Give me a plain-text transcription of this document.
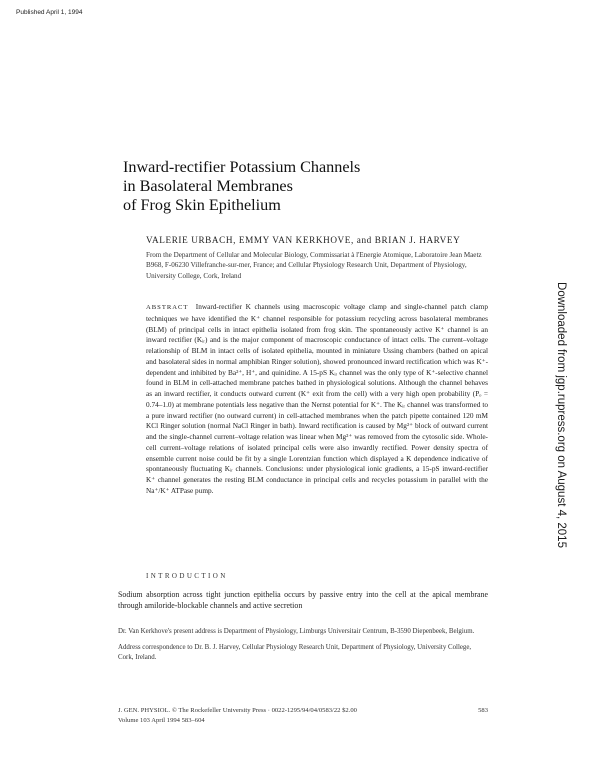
Published April 1, 1994
Inward-rectifier Potassium Channels
in Basolateral Membranes
of Frog Skin Epithelium
VALERIE URBACH, EMMY VAN KERKHOVE, and BRIAN J. HARVEY
From the Department of Cellular and Molecular Biology, Commissariat à l'Energie Atomique, Laboratoire Jean Maetz B968, F-06230 Villefranche-sur-mer, France; and Cellular Physiology Research Unit, Department of Physiology, University College, Cork, Ireland
ABSTRACT Inward-rectifier K channels using macroscopic voltage clamp and single-channel patch clamp techniques we have identified the K⁺ channel responsible for potassium recycling across basolateral membranes (BLM) of principal cells in intact epithelia isolated from frog skin. The spontaneously active K⁺ channel is an inward rectifier (Kᵢᵣ) and is the major component of macroscopic conductance of intact cells. The current–voltage relationship of BLM in intact cells of isolated epithelia, mounted in miniature Ussing chambers (bathed on apical and basolateral sides in normal amphibian Ringer solution), showed pronounced inward rectification which was K⁺-dependent and inhibited by Ba²⁺, H⁺, and quinidine. A 15-pS Kᵢᵣ channel was the only type of K⁺-selective channel found in BLM in cell-attached membrane patches bathed in physiological solutions. Although the channel behaves as an inward rectifier, it conducts outward current (K⁺ exit from the cell) with a very high open probability (Pₒ = 0.74–1.0) at membrane potentials less negative than the Nernst potential for K⁺. The Kᵢᵣ channel was transformed to a pure inward rectifier (no outward current) in cell-attached membranes when the patch pipette contained 120 mM KCl Ringer solution (normal NaCl Ringer in bath). Inward rectification is caused by Mg²⁺ block of outward current and the single-channel current–voltage relation was linear when Mg²⁺ was removed from the cytosolic side. Whole-cell current–voltage relations of isolated principal cells were also inwardly rectified. Power density spectra of ensemble current noise could be fit by a single Lorentzian function which displayed a K dependence indicative of spontaneously fluctuating Kᵢᵣ channels. Conclusions: under physiological ionic gradients, a 15-pS inward-rectifier K⁺ channel generates the resting BLM conductance in principal cells and recycles potassium in parallel with the Na⁺/K⁺ ATPase pump.
INTRODUCTION
Sodium absorption across tight junction epithelia occurs by passive entry into the cell at the apical membrane through amiloride-blockable channels and active secretion

Dr. Van Kerkhove's present address is Department of Physiology, Limburgs Universitair Centrum, B-3590 Diepenbeek, Belgium.

Address correspondence to Dr. B. J. Harvey, Cellular Physiology Research Unit, Department of Physiology, University College, Cork, Ireland.

J. GEN. PHYSIOL. © The Rockefeller University Press · 0022-1295/94/04/0583/22 $2.00	583
Volume 103 April 1994 583–604
Downloaded from jgp.rupress.org on August 4, 2015
